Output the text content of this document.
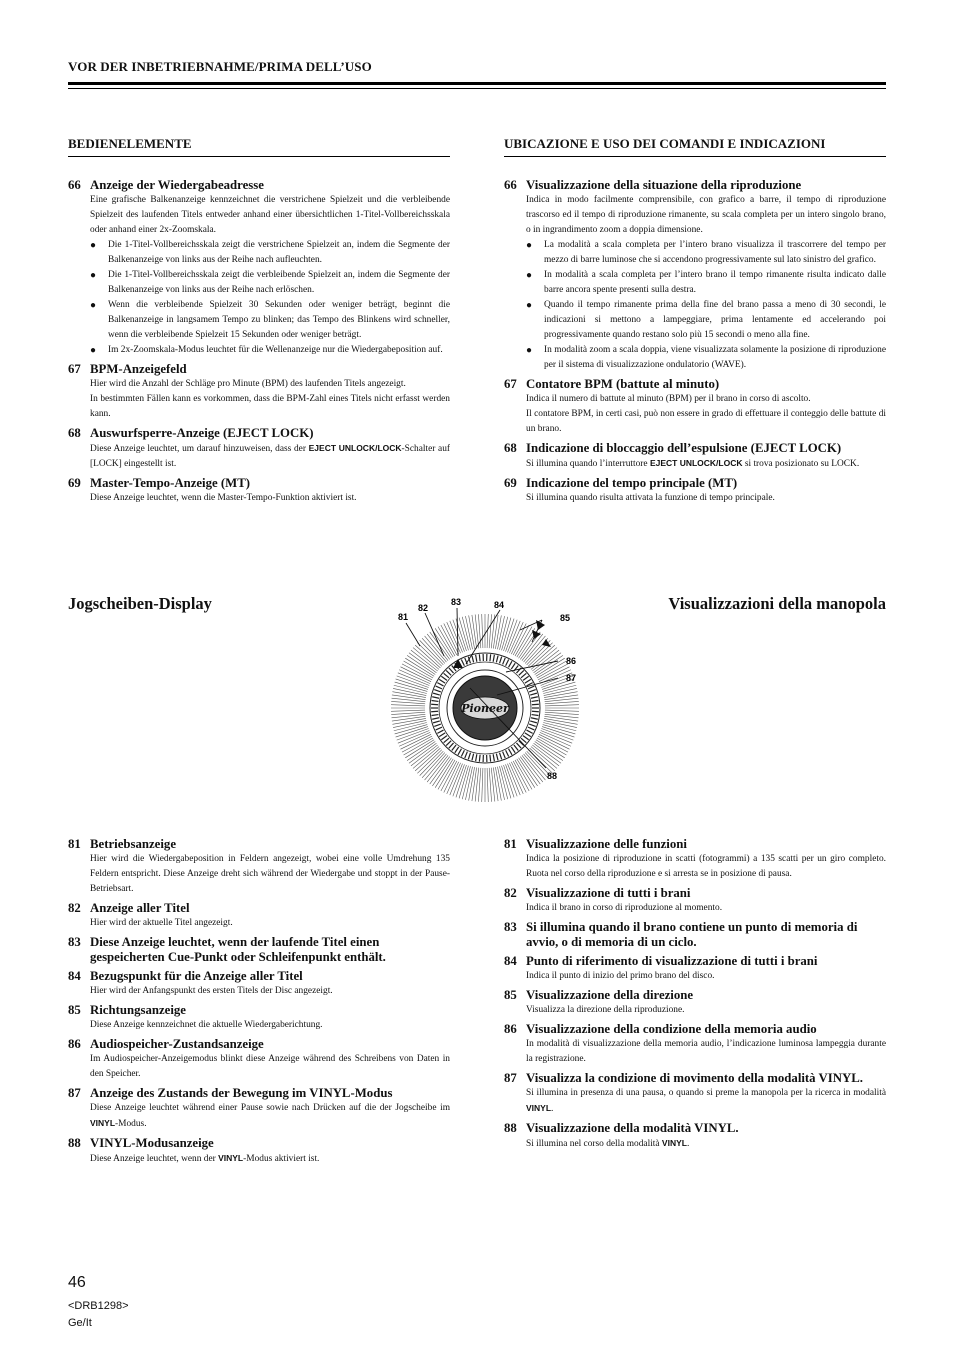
VOR DER INBETRIEBNAHME/PRIMA DELL’USO
BEDIENELEMENTE
66 Anzeige der Wiedergabeadresse

Eine grafische Balkenanzeige kennzeichnet die verstrichene Spielzeit und die verbleibende Spielzeit des laufenden Titels entweder anhand einer übersichtlichen 1-Titel-Vollbereichsskala oder anhand einer 2x-Zoomskala.

● Die 1-Titel-Vollbereichsskala zeigt die verstrichene Spielzeit an, indem die Segmente der Balkenanzeige von links aus der Reihe nach aufleuchten.
● Die 1-Titel-Vollbereichsskala zeigt die verbleibende Spielzeit an, indem die Segmente der Balkenanzeige von links aus der Reihe nach erlöschen.
● Wenn die verbleibende Spielzeit 30 Sekunden oder weniger beträgt, beginnt die Balkenanzeige in langsamem Tempo zu blinken; das Tempo des Blinkens wird schneller, wenn die verbleibende Spielzeit 15 Sekunden oder weniger beträgt.
● Im 2x-Zoomskala-Modus leuchtet für die Wellenanzeige nur die Wiedergabeposition auf.
67 BPM-Anzeigefeld

Hier wird die Anzahl der Schläge pro Minute (BPM) des laufenden Titels angezeigt.

In bestimmten Fällen kann es vorkommen, dass die BPM-Zahl eines Titels nicht erfasst werden kann.

68 Auswurfsperre-Anzeige (EJECT LOCK)

Diese Anzeige leuchtet, um darauf hinzuweisen, dass der EJECT UNLOCK/LOCK-Schalter auf [LOCK] eingestellt ist.

69 Master-Tempo-Anzeige (MT)

Diese Anzeige leuchtet, wenn die Master-Tempo-Funktion aktiviert ist.

UBICAZIONE E USO DEI COMANDI E INDICAZIONI
66 Visualizzazione della situazione della riproduzione

Indica in modo facilmente comprensibile, con grafico a barre, il tempo di riproduzione trascorso ed il tempo di riproduzione rimanente, su scala completa per un intero singolo brano, o in ingrandimento zoom a doppia dimensione.

● La modalità a scala completa per l’intero brano visualizza il trascorrere del tempo per mezzo di barre luminose che si accendono progressivamente sul lato sinistro del grafico.
● In modalità a scala completa per l’intero brano il tempo rimanente risulta indicato dalle barre ancora spente presenti sulla destra.
● Quando il tempo rimanente prima della fine del brano passa a meno di 30 secondi, le indicazioni si mettono a lampeggiare, prima lentamente ed accelerando poi progressivamente quando restano solo più 15 secondi o meno alla fine.
● In modalità zoom a scala doppia, viene visualizzata solamente la posizione di riproduzione per il sistema di visualizzazione ondulatorio (WAVE).
67 Contatore BPM (battute al minuto)

Indica il numero di battute al minuto (BPM) per il brano in corso di ascolto.

Il contatore BPM, in certi casi, può non essere in grado di effettuare il conteggio delle battute di un brano.

68 Indicazione di bloccaggio dell’espulsione (EJECT LOCK)

Si illumina quando l’interruttore EJECT UNLOCK/LOCK si trova posizionato su LOCK.

69 Indicazione del tempo principale (MT)

Si illumina quando risulta attivata la funzione di tempo principale.

Jogscheiben-Display	Visualizzazioni della manopola
Pioneer
81
82
83	84
85
86
87
88
81 Betriebsanzeige

Hier wird die Wiedergabeposition in Feldern angezeigt, wobei eine volle Umdrehung 135 Feldern entspricht. Diese Anzeige dreht sich während der Wiedergabe und stoppt in der Pause-Betriebsart.

82 Anzeige aller Titel

Hier wird der aktuelle Titel angezeigt.

83 Diese Anzeige leuchtet, wenn der laufende Titel einen gespeicherten Cue-Punkt oder Schleifenpunkt enthält.
84 Bezugspunkt für die Anzeige aller Titel

Hier wird der Anfangspunkt des ersten Titels der Disc angezeigt.

85 Richtungsanzeige

Diese Anzeige kennzeichnet die aktuelle Wiedergaberichtung.

86 Audiospeicher-Zustandsanzeige

Im Audiospeicher-Anzeigemodus blinkt diese Anzeige während des Schreibens von Daten in den Speicher.

87 Anzeige des Zustands der Bewegung im VINYL-Modus

Diese Anzeige leuchtet während einer Pause sowie nach Drücken auf die der Jogscheibe im VINYL-Modus.

88 VINYL-Modusanzeige

Diese Anzeige leuchtet, wenn der VINYL-Modus aktiviert ist.

81 Visualizzazione delle funzioni

Indica la posizione di riproduzione in scatti (fotogrammi) a 135 scatti per un giro completo. Ruota nel corso della riproduzione e si arresta se in posizione di pausa.

82 Visualizzazione di tutti i brani

Indica il brano in corso di riproduzione al momento.

83 Si illumina quando il brano contiene un punto di memoria di avvio, o di memoria di un ciclo.
84 Punto di riferimento di visualizzazione di tutti i brani

Indica il punto di inizio del primo brano del disco.

85 Visualizzazione della direzione

Visualizza la direzione della riproduzione.

86 Visualizzazione della condizione della memoria audio

In modalità di visualizzazione della memoria audio, l’indicazione luminosa lampeggia durante la registrazione.

87 Visualizza la condizione di movimento della modalità VINYL.

Si illumina in presenza di una pausa, o quando si preme la manopola per la ricerca in modalità VINYL.

88 Visualizzazione della modalità VINYL.

Si illumina nel corso della modalità VINYL.

46
<DRB1298>
Ge/It
